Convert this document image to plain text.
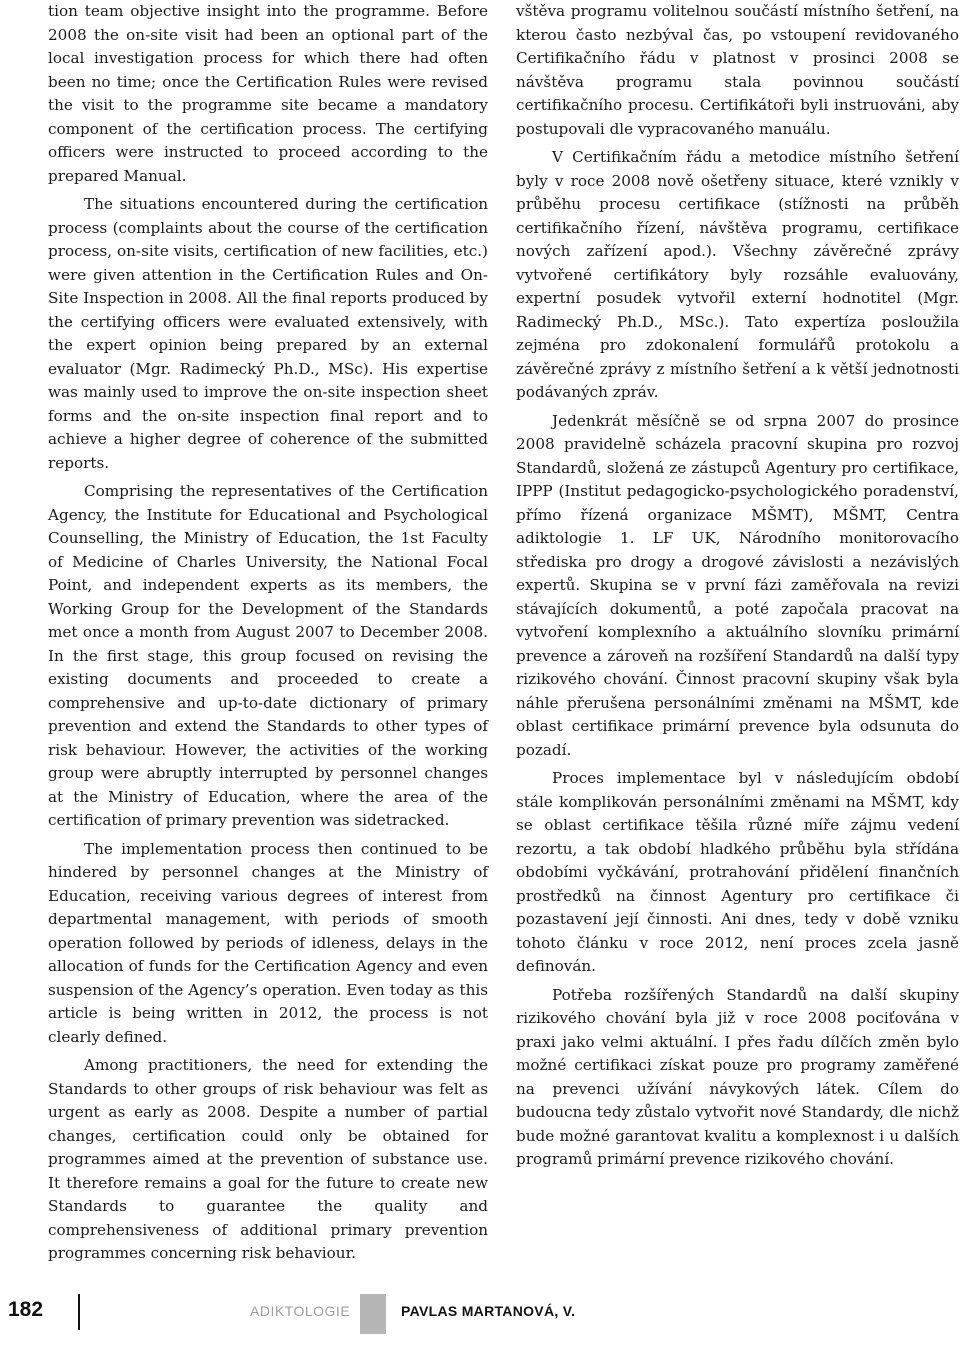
tion team objective insight into the programme. Before 2008 the on-site visit had been an optional part of the local investigation process for which there had often been no time; once the Certification Rules were revised the visit to the programme site became a mandatory component of the certification process. The certifying officers were instructed to proceed according to the prepared Manual.

The situations encountered during the certification process (complaints about the course of the certification process, on-site visits, certification of new facilities, etc.) were given attention in the Certification Rules and On-Site Inspection in 2008. All the final reports produced by the certifying officers were evaluated extensively, with the expert opinion being prepared by an external evaluator (Mgr. Radimecký Ph.D., MSc). His expertise was mainly used to improve the on-site inspection sheet forms and the on-site inspection final report and to achieve a higher degree of coherence of the submitted reports.

Comprising the representatives of the Certification Agency, the Institute for Educational and Psychological Counselling, the Ministry of Education, the 1st Faculty of Medicine of Charles University, the National Focal Point, and independent experts as its members, the Working Group for the Development of the Standards met once a month from August 2007 to December 2008. In the first stage, this group focused on revising the existing documents and proceeded to create a comprehensive and up-to-date dictionary of primary prevention and extend the Standards to other types of risk behaviour. However, the activities of the working group were abruptly interrupted by personnel changes at the Ministry of Education, where the area of the certification of primary prevention was sidetracked.

The implementation process then continued to be hindered by personnel changes at the Ministry of Education, receiving various degrees of interest from departmental management, with periods of smooth operation followed by periods of idleness, delays in the allocation of funds for the Certification Agency and even suspension of the Agency’s operation. Even today as this article is being written in 2012, the process is not clearly defined.

Among practitioners, the need for extending the Standards to other groups of risk behaviour was felt as urgent as early as 2008. Despite a number of partial changes, certification could only be obtained for programmes aimed at the prevention of substance use. It therefore remains a goal for the future to create new Standards to guarantee the quality and comprehensiveness of additional primary prevention programmes concerning risk behaviour.

vštěva programu volitelnou součástí místního šetření, na kterou často nezbýval čas, po vstoupení revidovaného Certifikačního řádu v platnost v prosinci 2008 se návštěva programu stala povinnou součástí certifikačního procesu. Certifikátoři byli instruováni, aby postupovali dle vypracovaného manuálu.

V Certifikačním řádu a metodice místního šetření byly v roce 2008 nově ošetřeny situace, které vznikly v průběhu procesu certifikace (stížnosti na průběh certifikačního řízení, návštěva programu, certifikace nových zařízení apod.). Všechny závěrečné zprávy vytvořené certifikátory byly rozsáhle evaluovány, expertní posudek vytvořil externí hodnotitel (Mgr. Radimecký Ph.D., MSc.). Tato expertíza posloužila zejména pro zdokonalení formulářů protokolu a závěrečné zprávy z místního šetření a k větší jednotnosti podávaných zpráv.

Jedenkrát měsíčně se od srpna 2007 do prosince 2008 pravidelně scházela pracovní skupina pro rozvoj Standardů, složená ze zástupců Agentury pro certifikace, IPPP (Institut pedagogicko-psychologického poradenství, přímo řízená organizace MŠMT), MŠMT, Centra adiktologie 1. LF UK, Národního monitorovacího střediska pro drogy a drogové závislosti a nezávislých expertů. Skupina se v první fázi zaměřovala na revizi stávajících dokumentů, a poté započala pracovat na vytvoření komplexního a aktuálního slovníku primární prevence a zároveň na rozšíření Standardů na další typy rizikového chování. Činnost pracovní skupiny však byla náhle přerušena personálními změnami na MŠMT, kde oblast certifikace primární prevence byla odsunuta do pozadí.

Proces implementace byl v následujícím období stále komplikován personálními změnami na MŠMT, kdy se oblast certifikace těšila různé míře zájmu vedení rezortu, a tak období hladkého průběhu byla střídána obdobími vyčkávání, protrahování přidělení finančních prostředků na činnost Agentury pro certifikace či pozastavení její činnosti. Ani dnes, tedy v době vzniku tohoto článku v roce 2012, není proces zcela jasně definován.

Potřeba rozšířených Standardů na další skupiny rizikového chování byla již v roce 2008 pociťována v praxi jako velmi aktuální. I přes řadu dílčích změn bylo možné certifikaci získat pouze pro programy zaměřené na prevenci užívání návykových látek. Cílem do budoucna tedy zůstalo vytvořit nové Standardy, dle nichž bude možné garantovat kvalitu a komplexnost i u dalších programů primární prevence rizikového chování.

182	ADIKTOLOGIE	PAVLAS MARTANOVÁ, V.
